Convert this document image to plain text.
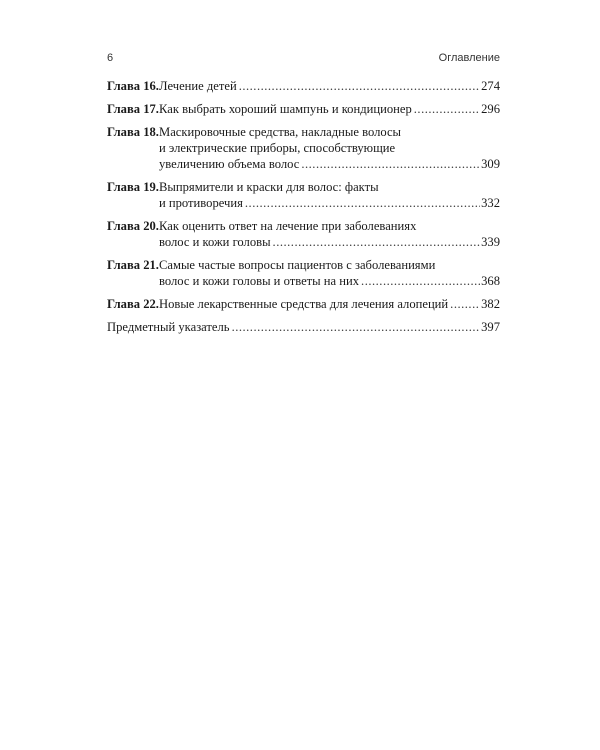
6	Оглавление
Глава 16. Лечение детей .....	274
Глава 17. Как выбрать хороший шампунь и кондиционер .....	296
Глава 18. Маскировочные средства, накладные волосы
и электрические приборы, способствующие
увеличению объема волос .....	309
Глава 19. Выпрямители и краски для волос: факты
и противоречия .....	332
Глава 20. Как оценить ответ на лечение при заболеваниях
волос и кожи головы .....	339
Глава 21. Самые частые вопросы пациентов с заболеваниями
волос и кожи головы и ответы на них .....	368
Глава 22. Новые лекарственные средства для лечения алопеций .....	382
Предметный указатель .....	397
